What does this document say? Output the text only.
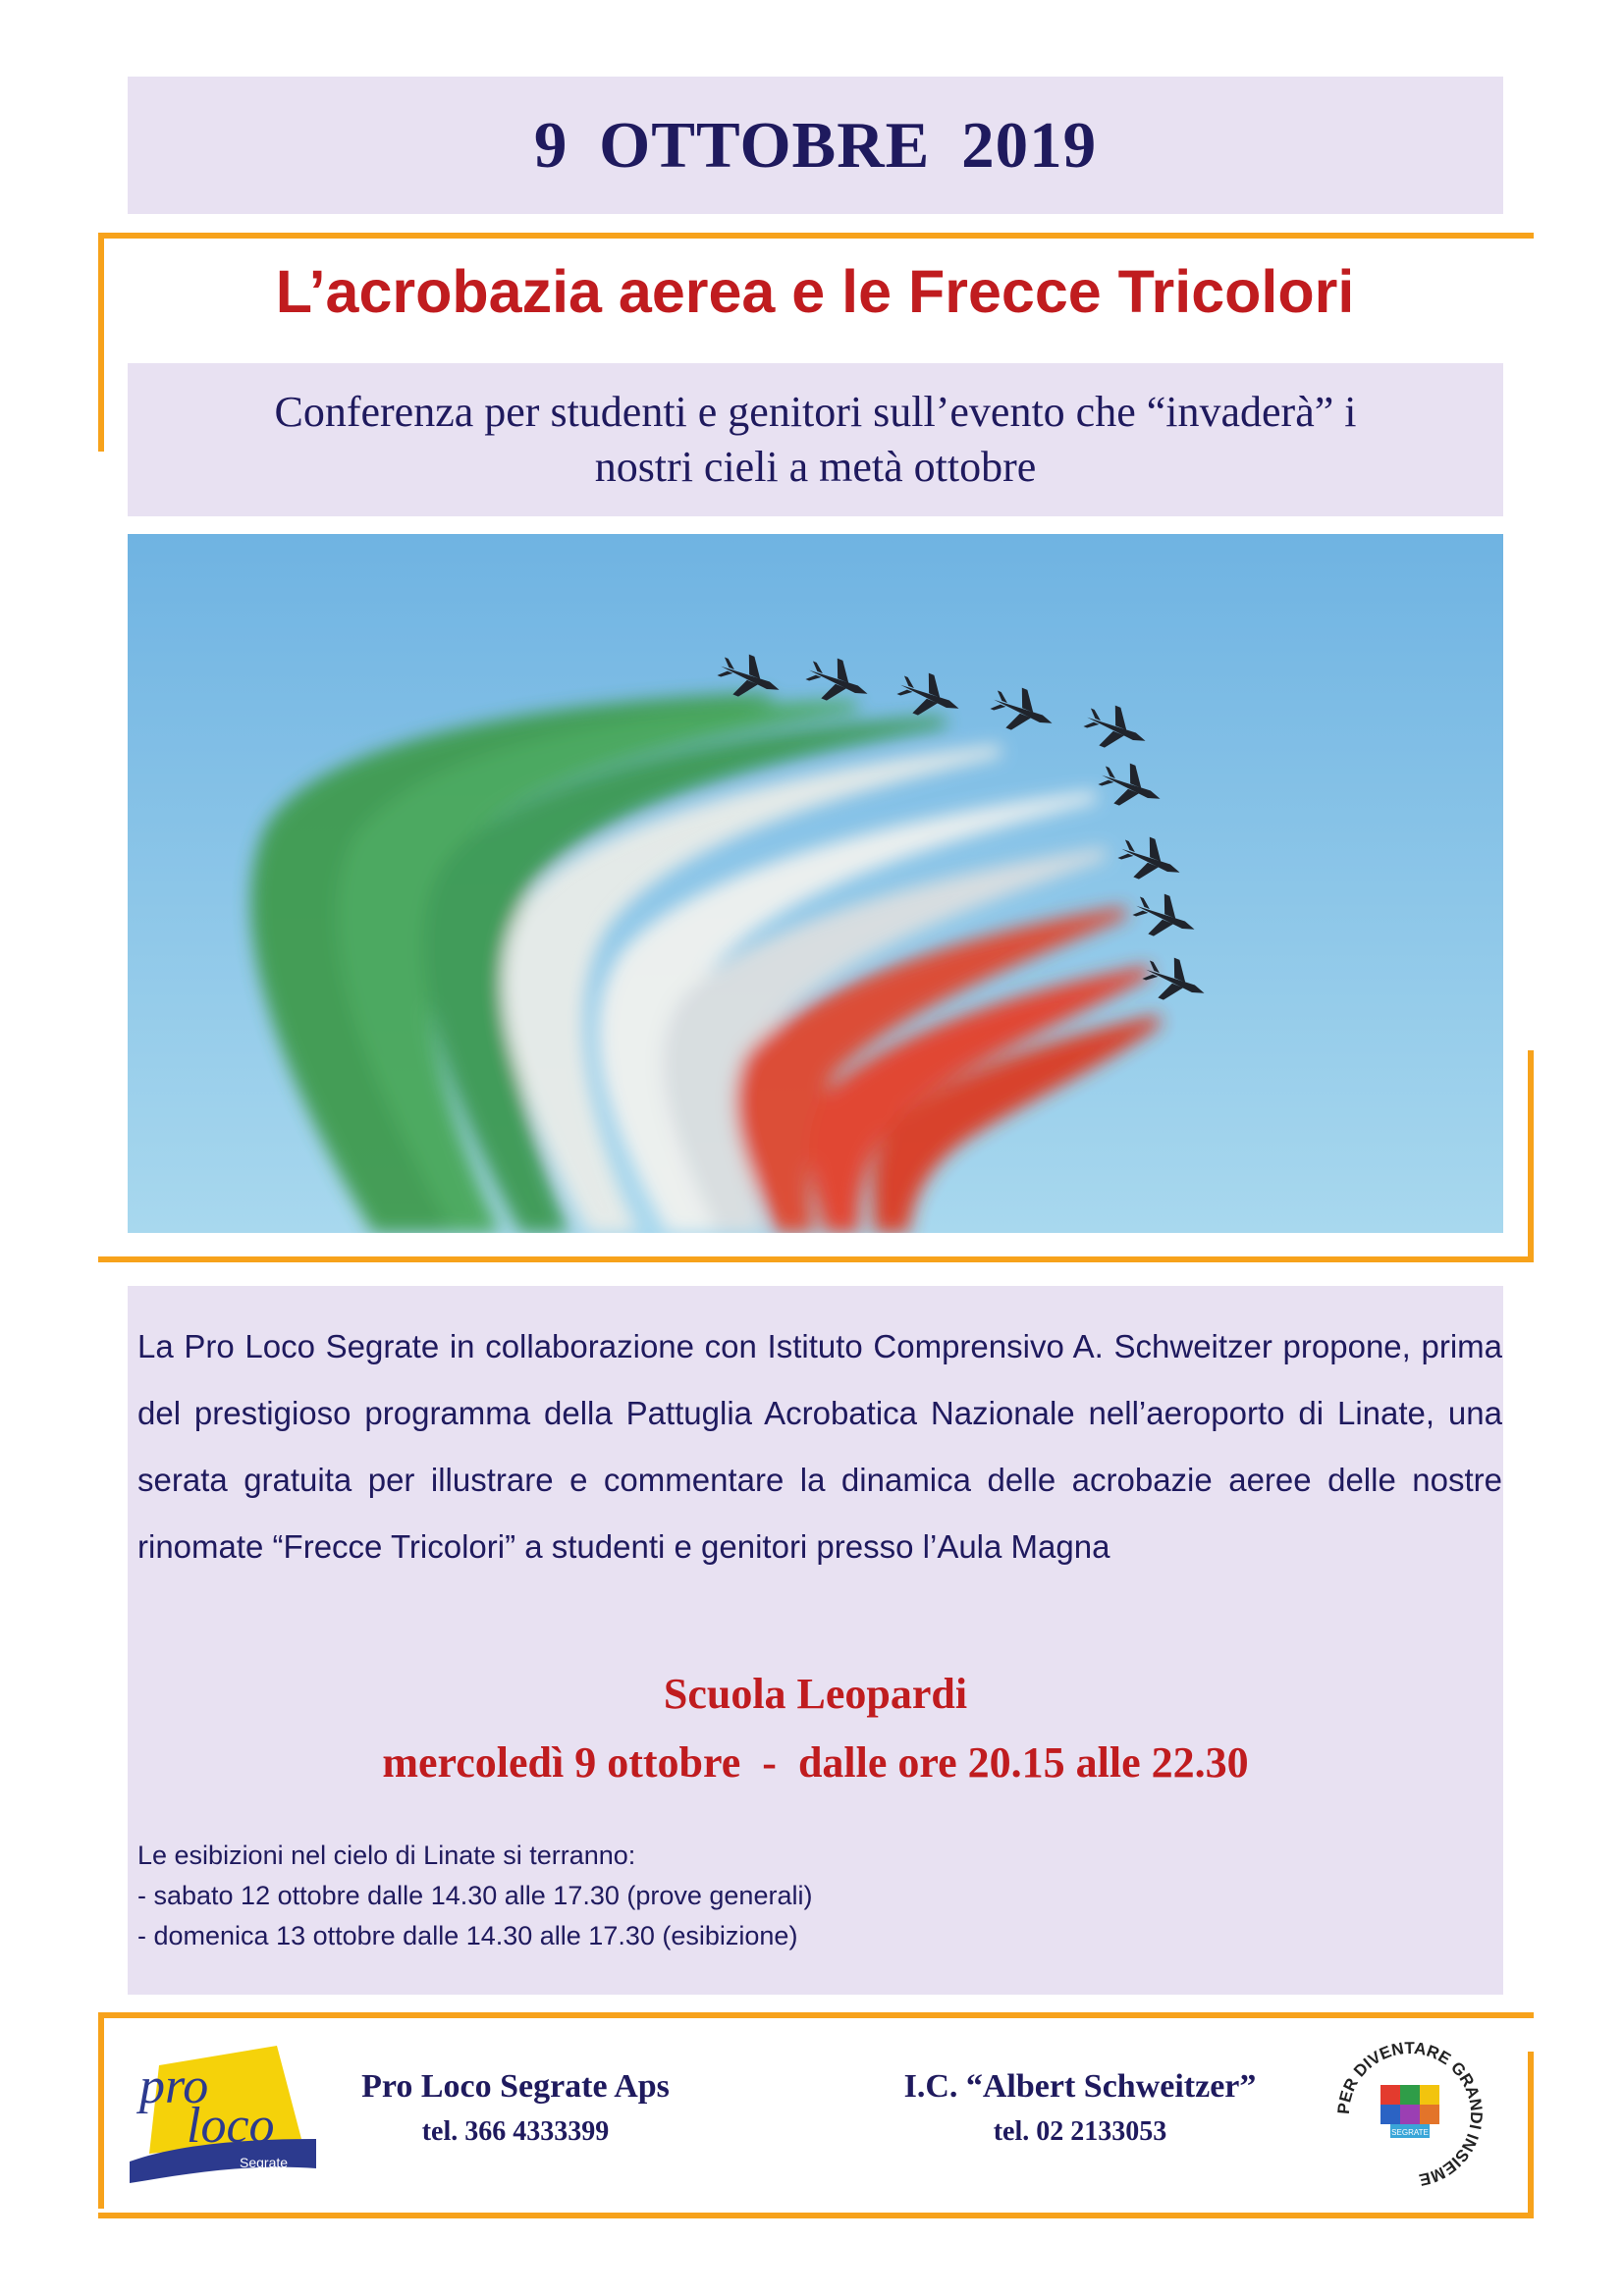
9 OTTOBRE 2019
L’acrobazia aerea e le Frecce Tricolori
Conferenza per studenti e genitori sull’evento che “invaderà” i
nostri cieli a metà ottobre
La Pro Loco Segrate in collaborazione con Istituto Comprensivo A. Schweitzer propone, prima del prestigioso programma della Pattuglia Acrobatica Nazionale nell’aeroporto di Linate, una serata gratuita per illustrare e commentare la dinamica delle acrobazie aeree delle nostre rinomate “Frecce Tricolori” a studenti e genitori presso l’Aula Magna
Scuola Leopardi
mercoledì 9 ottobre  -  dalle ore 20.15 alle 22.30
Le esibizioni nel cielo di Linate si terranno:
- sabato 12 ottobre dalle 14.30 alle 17.30 (prove generali)
- domenica 13 ottobre dalle 14.30 alle 17.30 (esibizione)
pro
loco
Segrate
Pro Loco Segrate Aps
tel. 366 4333399
I.C. “Albert Schweitzer”
tel. 02 2133053
PER DIVENTARE GRANDI INSIEME
SEGRATE
